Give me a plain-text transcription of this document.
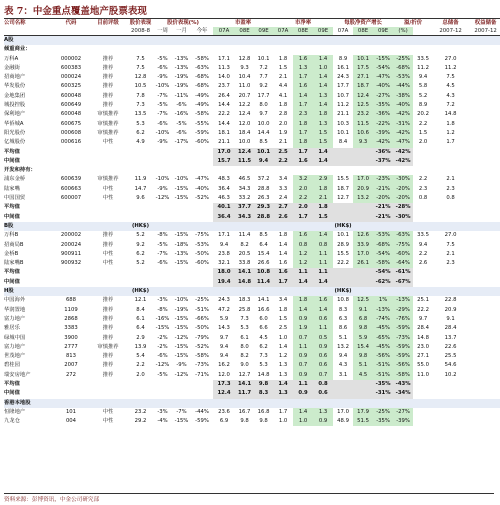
表 7：中金重点覆盖地产股票表现
公司名称	代码	目前评级	股价表现	股价表现(%)			市盈率			市净率			每股净资产增长			溢/折价		总储备	权益储备
			2008-8	一周	一月	今年	07A	08E	09E	07A	08E	09E	07A	08E	09E	(%)		2007-12	2007-12
A股																			
倾重商业：																			
万科A	000002	推荐	7.5	-5%	-13%	-58%	17.1	12.8	10.1	1.8	1.6	1.4	8.9	10.1	-15%	-25%	33.5	27.0	
金融街	600383	推荐	7.5	-6%	-13%	-63%	11.3	9.3	7.2	1.5	1.3	1.0	16.1	17.5	-54%	-68%	11.2	11.2	
招商地产	000024	推荐	12.8	-9%	-19%	-68%	14.0	10.4	7.7	2.1	1.7	1.4	24.3	27.1	-47%	-53%	9.4	7.5	
华发股份	600325	推荐	10.5	-10%	-19%	-68%	23.7	11.0	9.2	4.4	1.6	1.4	17.7	18.7	-40%	-44%	5.8	4.5	
金地集团	600048	推荐	7.8	-7%	-11%	-49%	26.4	20.7	17.7	4.1	1.4	1.3	10.7	12.4	-27%	-38%	5.2	4.3	
城投控股	600649	推荐	7.3	-5%	-6%	-49%	14.4	12.2	8.0	1.8	1.7	1.4	11.2	12.5	-35%	-40%	8.9	7.2	
保利地产	600048	审慎推荐	13.5	-7%	-16%	-58%	22.2	12.4	9.7	2.8	2.3	1.8	21.1	23.2	-36%	-42%	20.2	14.8	
华侨城A	600675	审慎推荐	5.3	-6%	-5%	-55%	14.4	12.0	10.0	2.0	1.8	1.3	10.3	11.5	-22%	-31%	2.2	1.8	
阳光股份	000608	审慎推荐	6.2	-10%	-6%	-59%	18.1	18.4	14.4	1.9	1.7	1.5	10.1	10.6	-39%	-42%	1.5	1.2	
亿城股份	000616	中性	4.9	-9%	-17%	-60%	21.1	10.0	8.5	2.1	1.8	1.5	8.4	9.3	-42%	-47%	2.0	1.7	
平均值							17.0	12.4	10.1	2.5	1.7	1.4			-36%	-42%			
中间值							15.7	11.5	9.4	2.2	1.6	1.4			-37%	-42%			
开发和持有：																			
浦东金桥	600639	审慎推荐	11.9	-10%	-10%	-47%	48.3	46.5	37.2	3.4	3.2	2.9	15.5	17.0	-23%	-30%	2.2	2.1	
陆家嘴	600663	中性	14.7	-9%	-15%	-40%	36.4	34.3	28.8	3.3	2.0	1.8	18.7	20.9	-21%	-20%	2.3	2.3	
中国国贸	600007	中性	9.6	-12%	-15%	-52%	46.3	33.2	26.3	2.4	2.2	2.1	12.7	13.2	-20%	-20%	0.8	0.8	
平均值							40.1	37.7	29.3	2.7	2.0	1.8			-21%	-28%			
中间值							36.4	34.3	28.8	2.6	1.7	1.5			-21%	-30%			
B股			(HK$)										(HK$)						
万科B	200002	推荐	5.2	-8%	-15%	-75%	17.1	11.4	8.5	1.8	1.6	1.4	10.1	12.6	-53%	-63%	33.5	27.0	
招商局B	200024	推荐	9.2	-5%	-18%	-53%	9.4	8.2	6.4	1.4	0.8	0.8	28.9	33.9	-68%	-75%	9.4	7.5	
金桥B	900911	中性	6.2	-7%	-13%	-50%	23.8	20.5	15.4	1.4	1.2	1.1	15.5	17.0	-54%	-60%	2.2	2.1	
陆家嘴B	900932	中性	5.2	-6%	-15%	-60%	32.1	33.8	26.6	1.6	1.2	1.1	22.2	26.1	-58%	-64%	2.6	2.3	
平均值							18.0	14.1	10.8	1.6	1.1	1.1			-54%	-61%			
中间值							19.4	14.8	11.4	1.7	1.4	1.4			-62%	-67%			
H股			(HK$)										(HK$)						
中国海外	688	推荐	12.1	-3%	-10%	-25%	24.3	18.3	14.1	3.4	1.8	1.6	10.8	12.5	1%	-13%	25.1	22.8	
华润置地	1109	推荐	8.4	-8%	-19%	-51%	47.2	25.8	16.6	1.8	1.4	1.4	8.3	9.1	-13%	-29%	22.2	20.9	
富力地产	2868	推荐	6.1	-16%	-15%	-66%	5.9	7.3	6.0	1.5	0.9	0.6	6.3	6.8	-74%	-76%	9.7	9.1	
雅居乐	3383	推荐	6.4	-15%	-15%	-50%	14.3	5.3	6.6	2.5	1.9	1.1	8.6	9.8	-45%	-59%	28.4	28.4	
绿城中国	3900	推荐	2.9	-2%	-12%	-79%	9.7	6.1	4.5	1.0	0.7	0.5	5.1	5.9	-65%	-73%	14.8	13.7	
富力地产	2777	审慎推荐	13.9	-2%	-15%	-52%	9.4	8.0	6.2	1.4	1.1	0.9	13.2	15.4	-45%	-59%	23.0	22.6	
世茂地产	813	推荐	5.4	-6%	-15%	-58%	9.4	8.2	7.3	1.2	0.9	0.6	9.4	9.8	-56%	-59%	27.1	25.5	
碧桂园	2007	推荐	2.2	-12%	-9%	-73%	16.2	9.0	5.3	1.3	0.7	0.6	4.3	5.1	-51%	-56%	55.0	54.6	
瑞安房地产	272	推荐	2.0	-5%	-12%	-71%	12.0	12.7	14.8	1.3	0.9	0.7	3.1	4.5	-51%	-58%	11.0	10.2	
平均值							17.3	14.1	9.8	1.4	1.1	0.8			-35%	-43%			
中间值							12.4	11.7	8.3	1.3	0.9	0.6			-31%	-34%			
香港本地股																			
恒隆地产	101	中性	23.2	-3%	-7%	-44%	23.6	16.7	16.8	1.7	1.4	1.3	17.0	17.9	-25%	-27%			
九龙仓	004	中性	29.2	-4%	-15%	-59%	6.9	9.8	9.8	1.0	1.0	0.9	48.9	51.5	-35%	-39%			
资料来源：彭博资讯，中金公司研究部
